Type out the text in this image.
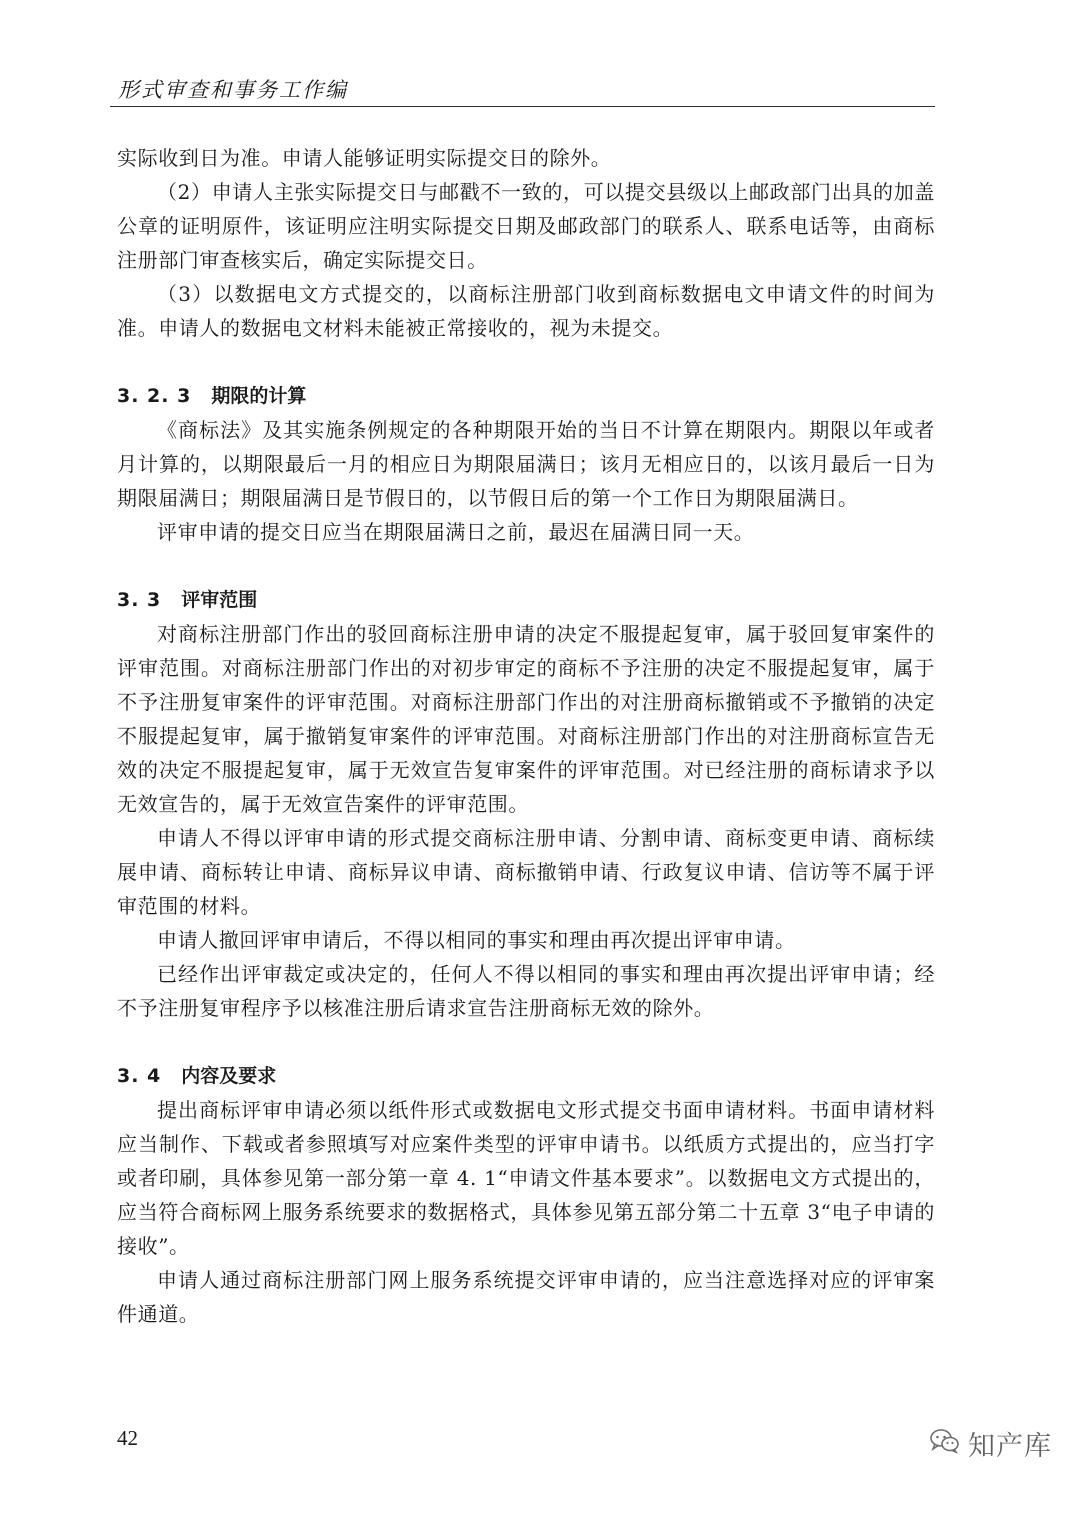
形式审查和事务工作编

实际收到日为准。申请人能够证明实际提交日的除外。

（2）申请人主张实际提交日与邮戳不一致的，可以提交县级以上邮政部门出具的加盖公章的证明原件，该证明应注明实际提交日期及邮政部门的联系人、联系电话等，由商标注册部门审查核实后，确定实际提交日。

（3）以数据电文方式提交的，以商标注册部门收到商标数据电文申请文件的时间为准。申请人的数据电文材料未能被正常接收的，视为未提交。

3. 2. 3 期限的计算

《商标法》及其实施条例规定的各种期限开始的当日不计算在期限内。期限以年或者月计算的，以期限最后一月的相应日为期限届满日；该月无相应日的，以该月最后一日为期限届满日；期限届满日是节假日的，以节假日后的第一个工作日为期限届满日。

评审申请的提交日应当在期限届满日之前，最迟在届满日同一天。

3. 3 评审范围

对商标注册部门作出的驳回商标注册申请的决定不服提起复审，属于驳回复审案件的评审范围。对商标注册部门作出的对初步审定的商标不予注册的决定不服提起复审，属于不予注册复审案件的评审范围。对商标注册部门作出的对注册商标撤销或不予撤销的决定不服提起复审，属于撤销复审案件的评审范围。对商标注册部门作出的对注册商标宣告无效的决定不服提起复审，属于无效宣告复审案件的评审范围。对已经注册的商标请求予以无效宣告的，属于无效宣告案件的评审范围。

申请人不得以评审申请的形式提交商标注册申请、分割申请、商标变更申请、商标续展申请、商标转让申请、商标异议申请、商标撤销申请、行政复议申请、信访等不属于评审范围的材料。

申请人撤回评审申请后，不得以相同的事实和理由再次提出评审申请。

已经作出评审裁定或决定的，任何人不得以相同的事实和理由再次提出评审申请；经不予注册复审程序予以核准注册后请求宣告注册商标无效的除外。

3. 4 内容及要求

提出商标评审申请必须以纸件形式或数据电文形式提交书面申请材料。书面申请材料应当制作、下载或者参照填写对应案件类型的评审申请书。以纸质方式提出的，应当打字或者印刷，具体参见第一部分第一章 4. 1“申请文件基本要求”。以数据电文方式提出的，应当符合商标网上服务系统要求的数据格式，具体参见第五部分第二十五章 3“电子申请的接收”。

申请人通过商标注册部门网上服务系统提交评审申请的，应当注意选择对应的评审案件通道。

42	知产库
